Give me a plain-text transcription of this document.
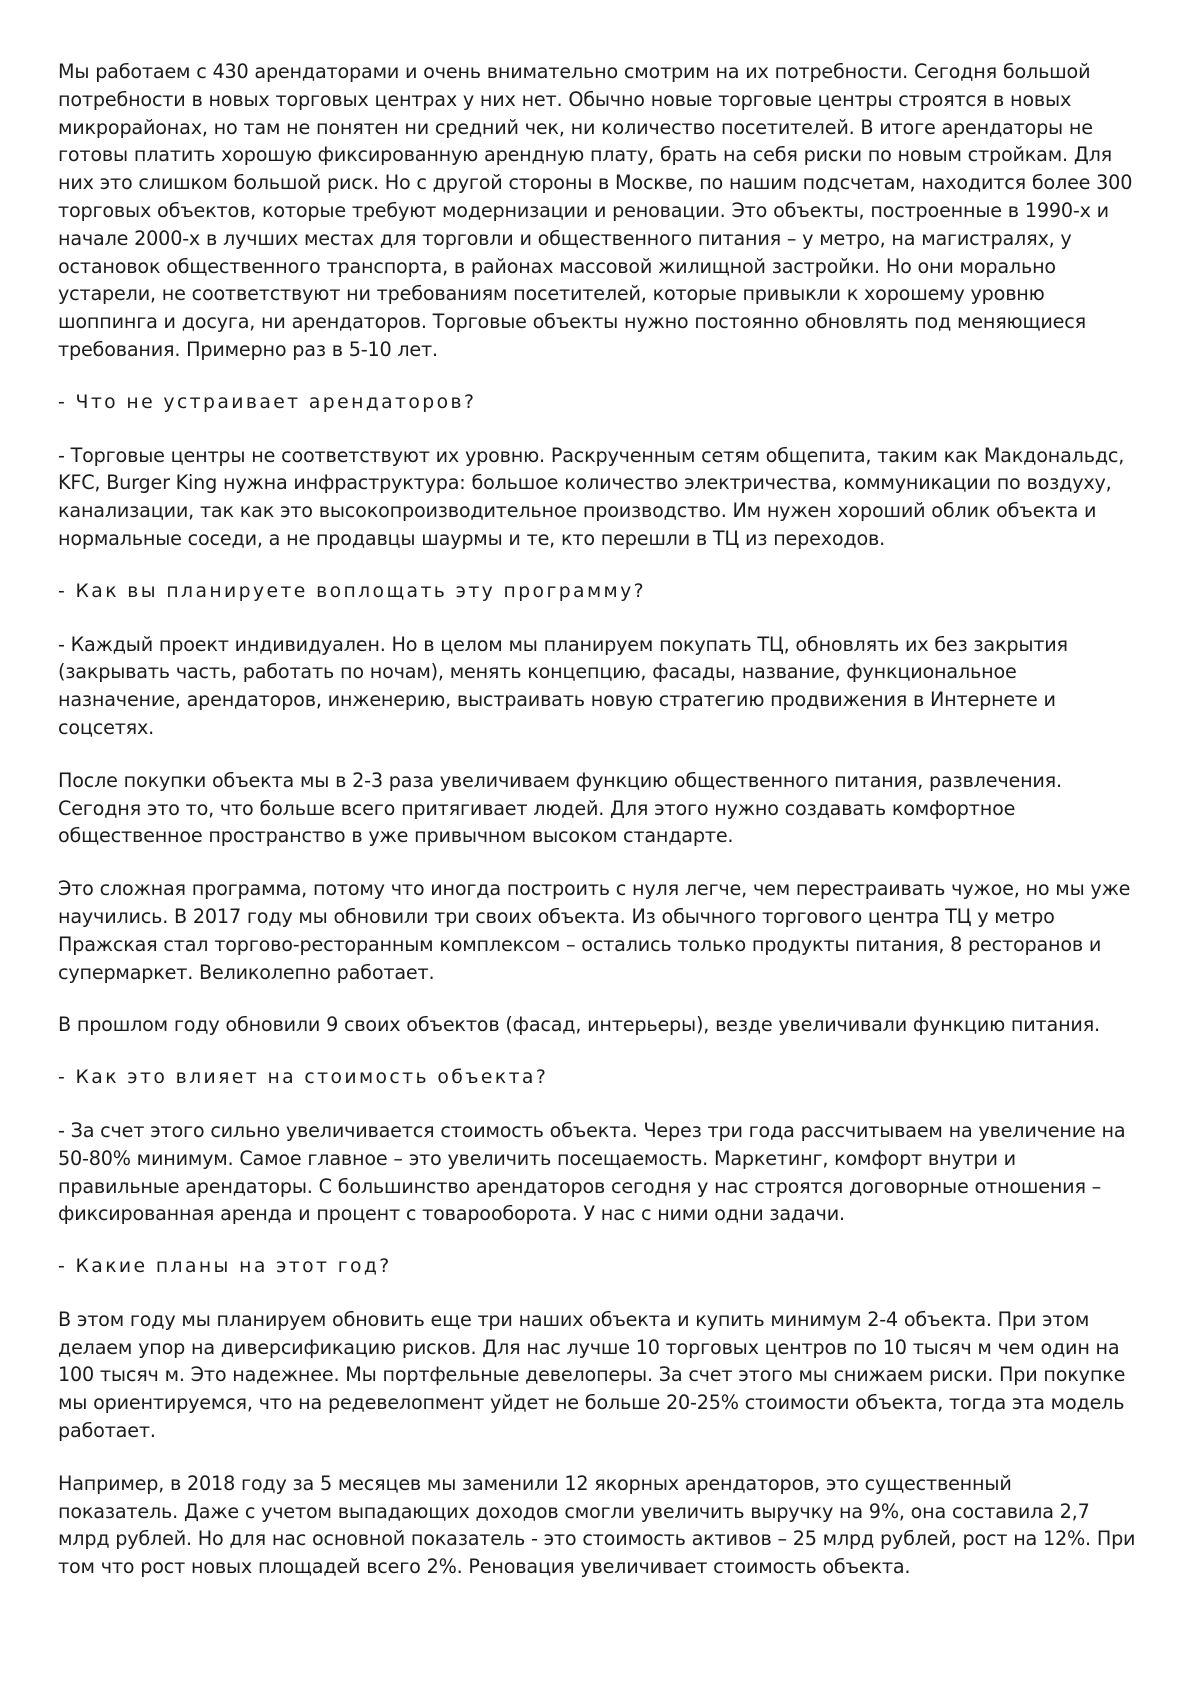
Мы работаем с 430 арендаторами и очень внимательно смотрим на их потребности. Сегодня большой потребности в новых торговых центрах у них нет. Обычно новые торговые центры строятся в новых микрорайонах, но там не понятен ни средний чек, ни количество посетителей. В итоге арендаторы не готовы платить хорошую фиксированную арендную плату, брать на себя риски по новым стройкам. Для них это слишком большой риск. Но с другой стороны в Москве, по нашим подсчетам, находится более 300 торговых объектов, которые требуют модернизации и реновации. Это объекты, построенные в 1990-х и начале 2000-х в лучших местах для торговли и общественного питания – у метро, на магистралях, у остановок общественного транспорта, в районах массовой жилищной застройки. Но они морально устарели, не соответствуют ни требованиям посетителей, которые привыкли к хорошему уровню шоппинга и досуга, ни арендаторов. Торговые объекты нужно постоянно обновлять под меняющиеся требования. Примерно раз в 5-10 лет.

- Что не устраивает арендаторов?

- Торговые центры не соответствуют их уровню. Раскрученным сетям общепита, таким как Макдональдс, KFC, Burger King нужна инфраструктура: большое количество электричества, коммуникации по воздуху, канализации, так как это высокопроизводительное производство. Им нужен хороший облик объекта и нормальные соседи, а не продавцы шаурмы и те, кто перешли в ТЦ из переходов.

- Как вы планируете воплощать эту программу?

- Каждый проект индивидуален. Но в целом мы планируем покупать ТЦ, обновлять их без закрытия (закрывать часть, работать по ночам), менять концепцию, фасады, название, функциональное назначение, арендаторов, инженерию, выстраивать новую стратегию продвижения в Интернете и соцсетях.

После покупки объекта мы в 2-3 раза увеличиваем функцию общественного питания, развлечения. Сегодня это то, что больше всего притягивает людей. Для этого нужно создавать комфортное общественное пространство в уже привычном высоком стандарте.

Это сложная программа, потому что иногда построить с нуля легче, чем перестраивать чужое, но мы уже научились. В 2017 году мы обновили три своих объекта. Из обычного торгового центра ТЦ у метро Пражская стал торгово-ресторанным комплексом – остались только продукты питания, 8 ресторанов и супермаркет. Великолепно работает.

В прошлом году обновили 9 своих объектов (фасад, интерьеры), везде увеличивали функцию питания.

- Как это влияет на стоимость объекта?

- За счет этого сильно увеличивается стоимость объекта. Через три года рассчитываем на увеличение на 50-80% минимум. Самое главное – это увеличить посещаемость. Маркетинг, комфорт внутри и правильные арендаторы. С большинство арендаторов сегодня у нас строятся договорные отношения – фиксированная аренда и процент с товарооборота. У нас с ними одни задачи.

- Какие планы на этот год?

В этом году мы планируем обновить еще три наших объекта и купить минимум 2-4 объекта. При этом делаем упор на диверсификацию рисков. Для нас лучше 10 торговых центров по 10 тысяч м чем один на 100 тысяч м. Это надежнее. Мы портфельные девелоперы. За счет этого мы снижаем риски. При покупке мы ориентируемся, что на редевелопмент уйдет не больше 20-25% стоимости объекта, тогда эта модель работает.

Например, в 2018 году за 5 месяцев мы заменили 12 якорных арендаторов, это существенный показатель. Даже с учетом выпадающих доходов смогли увеличить выручку на 9%, она составила 2,7 млрд рублей. Но для нас основной показатель - это стоимость активов – 25 млрд рублей, рост на 12%. При том что рост новых площадей всего 2%. Реновация увеличивает стоимость объекта.
